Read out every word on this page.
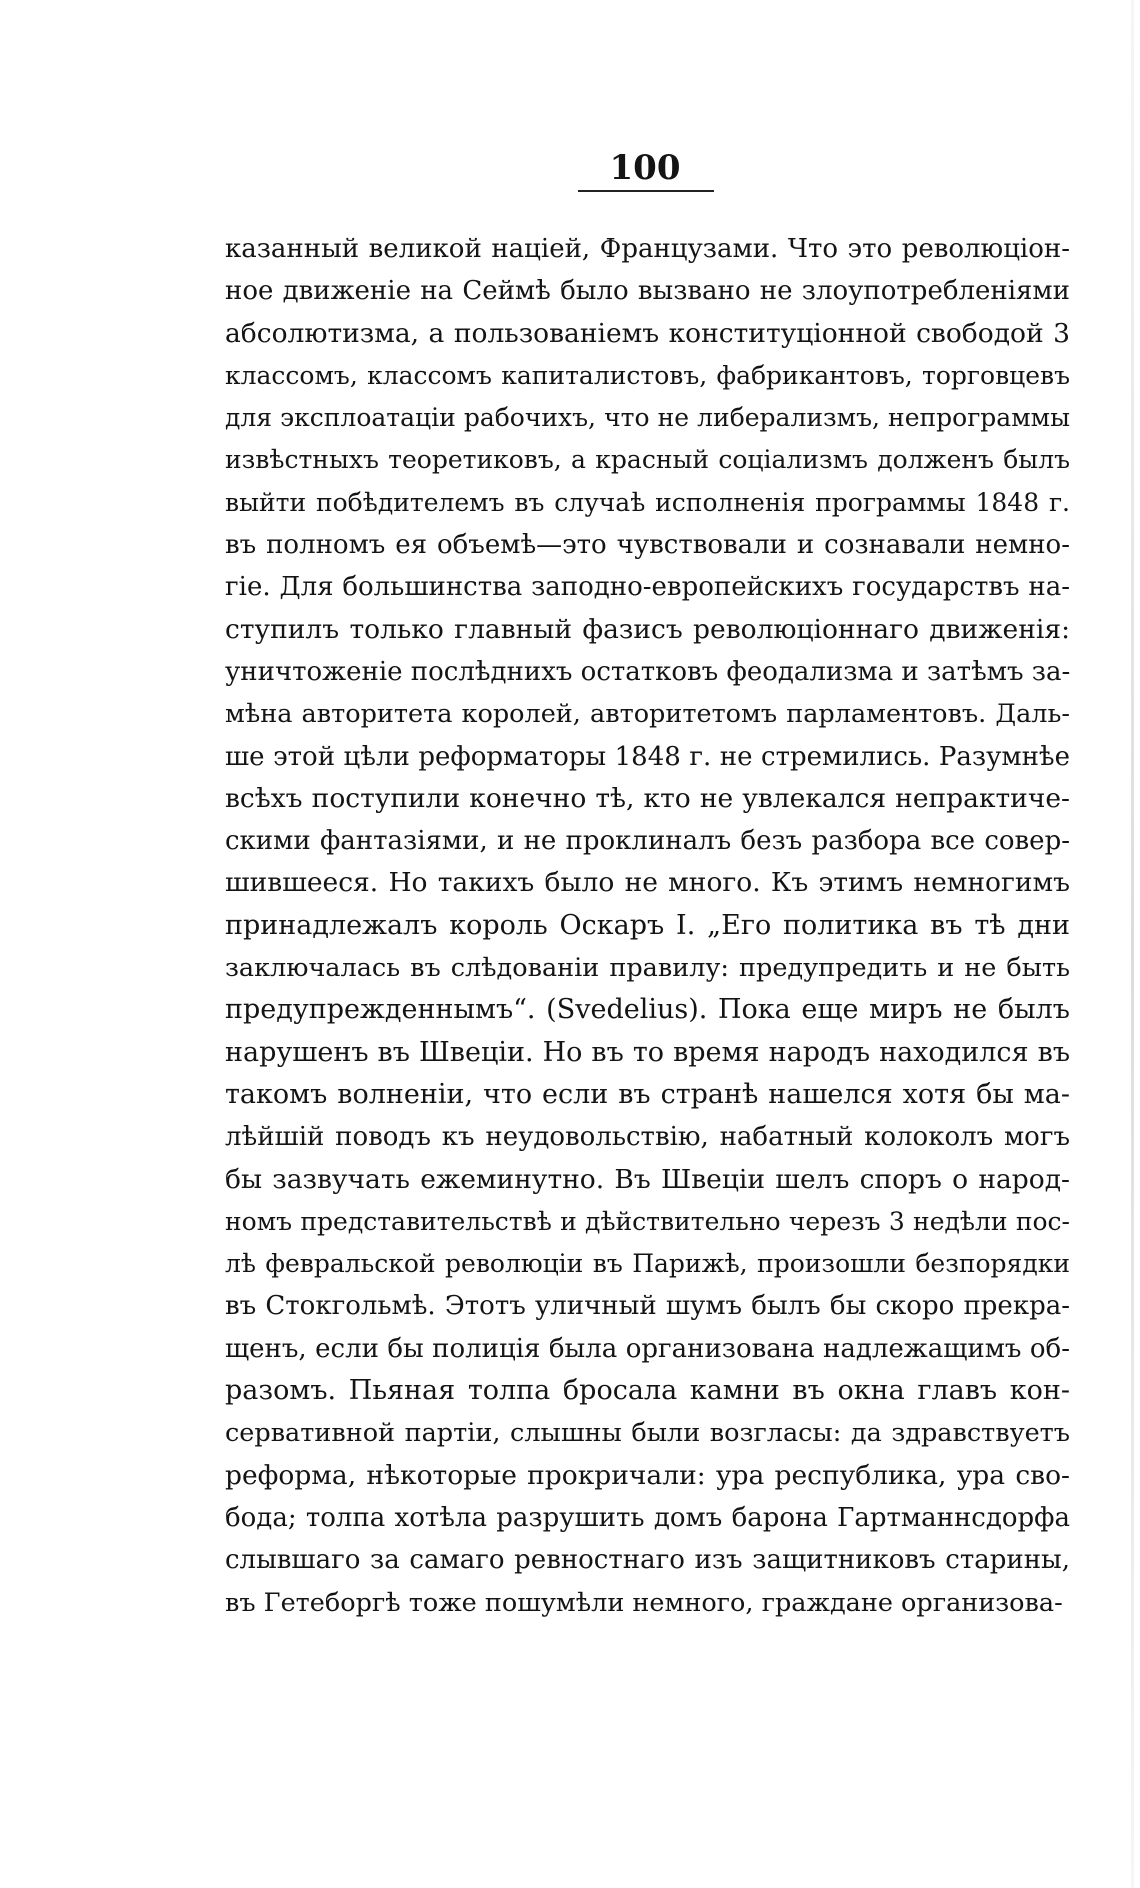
100
казанный великой націей, Французами. Что это революціон-
ное движеніе на Сеймѣ было вызвано не злоупотребленіями
абсолютизма, а пользованіемъ конституціонной свободой 3
классомъ, классомъ капиталистовъ, фабрикантовъ, торговцевъ
для эксплоатаціи рабочихъ, что не либерализмъ, непрограммы
извѣстныхъ теоретиковъ, а красный соціализмъ долженъ былъ
выйти побѣдителемъ въ случаѣ исполненія программы 1848 г.
въ полномъ ея объемѣ—это чувствовали и сознавали немно-
гіе. Для большинства заподно-европейскихъ государствъ на-
ступилъ только главный фазисъ революціоннаго движенія:
уничтоженіе послѣднихъ остатковъ феодализма и затѣмъ за-
мѣна авторитета королей, авторитетомъ парламентовъ. Даль-
ше этой цѣли реформаторы 1848 г. не стремились. Разумнѣе
всѣхъ поступили конечно тѣ, кто не увлекался непрактиче-
скими фантазіями, и не проклиналъ безъ разбора все совер-
шившееся. Но такихъ было не много. Къ этимъ немногимъ
принадлежалъ король Оскаръ I. „Его политика въ тѣ дни
заключалась въ слѣдованіи правилу: предупредить и не быть
предупрежденнымъ“. (Svedelius). Пока еще миръ не былъ
нарушенъ въ Швеціи. Но въ то время народъ находился въ
такомъ волненіи, что если въ странѣ нашелся хотя бы ма-
лѣйшій поводъ къ неудовольствію, набатный колоколъ могъ
бы зазвучать ежеминутно. Въ Швеціи шелъ споръ о народ-
номъ представительствѣ и дѣйствительно черезъ 3 недѣли пос-
лѣ февральской революціи въ Парижѣ, произошли безпорядки
въ Стокгольмѣ. Этотъ уличный шумъ былъ бы скоро прекра-
щенъ, если бы полиція была организована надлежащимъ об-
разомъ. Пьяная толпа бросала камни въ окна главъ кон-
сервативной партіи, слышны были возгласы: да здравствуетъ
реформа, нѣкоторые прокричали: ура республика, ура сво-
бода; толпа хотѣла разрушить домъ барона Гартманнсдорфа
слывшаго за самаго ревностнаго изъ защитниковъ старины,
въ Гетеборгѣ тоже пошумѣли немного, граждане организова-
